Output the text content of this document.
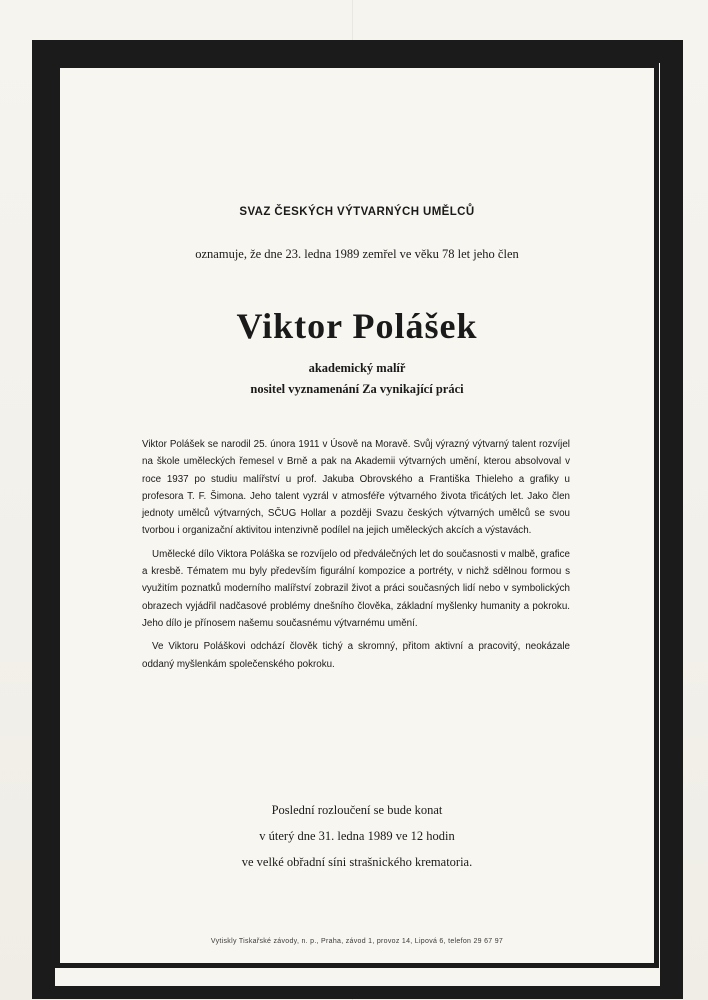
SVAZ ČESKÝCH VÝTVARNÝCH UMĚLCŮ
oznamuje, že dne 23. ledna 1989 zemřel ve věku 78 let jeho člen
Viktor Polášek
akademický malíř
nositel vyznamenání Za vynikající práci

Viktor Polášek se narodil 25. února 1911 v Úsově na Moravě. Svůj výrazný výtvarný talent rozvíjel na škole uměleckých řemesel v Brně a pak na Akademii výtvarných umění, kterou absolvoval v roce 1937 po studiu malířství u prof. Jakuba Obrovského a Františka Thieleho a grafiky u profesora T. F. Šimona. Jeho talent vyzrál v atmosféře výtvarného života třicátých let. Jako člen jednoty umělců výtvarných, SČUG Hollar a později Svazu českých výtvarných umělců se svou tvorbou i organizační aktivitou intenzivně podílel na jejich uměleckých akcích a výstavách.

Umělecké dílo Viktora Poláška se rozvíjelo od předválečných let do současnosti v malbě, grafice a kresbě. Tématem mu byly především figurální kompozice a portréty, v nichž sdělnou formou s využitím poznatků moderního malířství zobrazil život a práci současných lidí nebo v symbolických obrazech vyjádřil nadčasové problémy dnešního člověka, základní myšlenky humanity a pokroku. Jeho dílo je přínosem našemu současnému výtvarnému umění.

Ve Viktoru Poláškovi odchází člověk tichý a skromný, přitom aktivní a pracovitý, neokázale oddaný myšlenkám společenského pokroku.

Poslední rozloučení se bude konat
v úterý dne 31. ledna 1989 ve 12 hodin
ve velké obřadní síni strašnického krematoria.
Vytiskly Tiskařské závody, n. p., Praha, závod 1, provoz 14, Lipová 6, telefon 29 67 97
